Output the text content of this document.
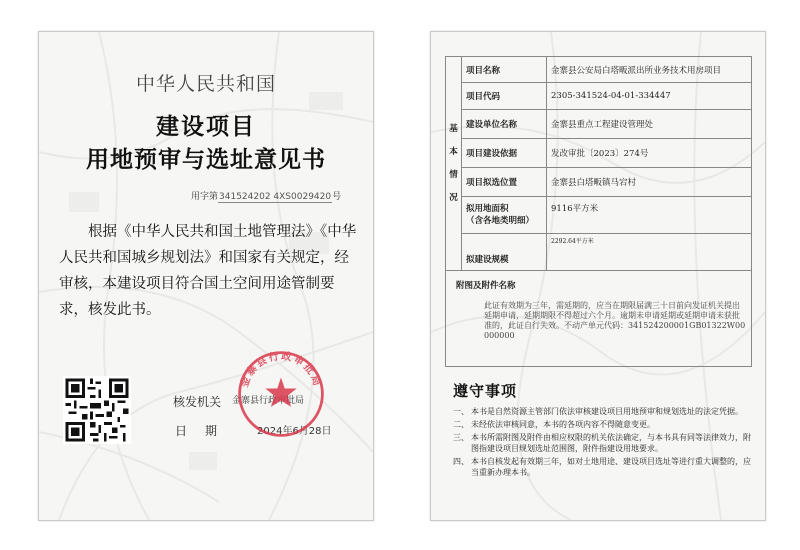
中华人民共和国
建设项目
用地预审与选址意见书
用字第341524202 4XS0029420号
根据《中华人民共和国土地管理法》《中华人民共和国城乡规划法》和国家有关规定，经审核，本建设项目符合国土空间用途管制要求，核发此书。
核发机关 金寨县行政审批局
日期 2024年6月28日
金寨县行政审批局
基
本
情
况	项目名称	金寨县公安局白塔畈派出所业务技术用房项目
	项目代码	2305-341524-04-01-334447
	建设单位名称	金寨县重点工程建设管理处
	项目建设依据	发改审批〔2023〕274号
	项目拟选位置	金寨县白塔畈镇马宕村
	拟用地面积
（含各地类明细）	9116平方米
	拟建设规模	2292.64平方米
附图及附件名称
此证有效期为三年，需延期的，应当在期限届满三十日前向发证机关提出延期申请，延期期限不得超过六个月。逾期未申请延期或延期申请未获批准的，此证自行失效。不动产单元代码：341524200001GB01322W00000000
遵守事项
一、 本书是自然资源主管部门依法审核建设项目用地预审和规划选址的法定凭据。
二、 未经依法审核同意，本书的各项内容不得随意变更。
三、 本书所需附图及附件由相应权限的机关依法确定，与本书具有同等法律效力，附图指建设项目规划选址范围图，附件指建设用地要求。
四、 本书自核发起有效期三年，如对土地用途、建设项目选址等进行重大调整的，应当重新办理本书。
